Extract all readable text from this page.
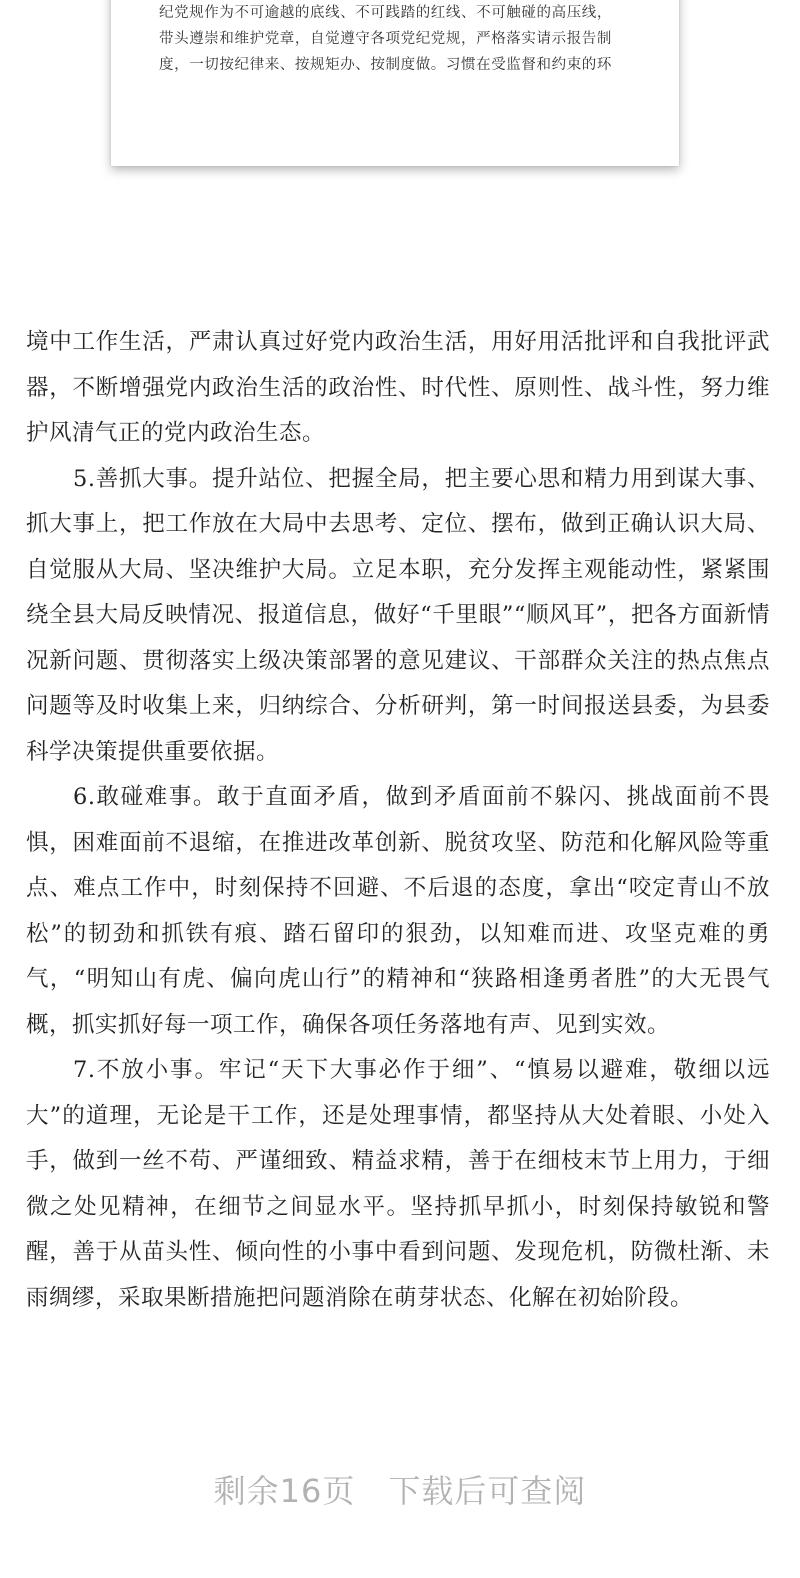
纪党规作为不可逾越的底线、不可践踏的红线、不可触碰的高压线，
带头遵崇和维护党章，自觉遵守各项党纪党规，严格落实请示报告制
度，一切按纪律来、按规矩办、按制度做。习惯在受监督和约束的环

境中工作生活，严肃认真过好党内政治生活，用好用活批评和自我批评武器，不断增强党内政治生活的政治性、时代性、原则性、战斗性，努力维护风清气正的党内政治生态。

5.善抓大事。提升站位、把握全局，把主要心思和精力用到谋大事、抓大事上，把工作放在大局中去思考、定位、摆布，做到正确认识大局、自觉服从大局、坚决维护大局。立足本职，充分发挥主观能动性，紧紧围绕全县大局反映情况、报道信息，做好“千里眼”“顺风耳”，把各方面新情况新问题、贯彻落实上级决策部署的意见建议、干部群众关注的热点焦点问题等及时收集上来，归纳综合、分析研判，第一时间报送县委，为县委科学决策提供重要依据。

6.敢碰难事。敢于直面矛盾，做到矛盾面前不躲闪、挑战面前不畏惧，困难面前不退缩，在推进改革创新、脱贫攻坚、防范和化解风险等重点、难点工作中，时刻保持不回避、不后退的态度，拿出“咬定青山不放松”的韧劲和抓铁有痕、踏石留印的狠劲，以知难而进、攻坚克难的勇气，“明知山有虎、偏向虎山行”的精神和“狭路相逢勇者胜”的大无畏气概，抓实抓好每一项工作，确保各项任务落地有声、见到实效。

7.不放小事。牢记“天下大事必作于细”、“慎易以避难，敬细以远大”的道理，无论是干工作，还是处理事情，都坚持从大处着眼、小处入手，做到一丝不苟、严谨细致、精益求精，善于在细枝末节上用力，于细微之处见精神，在细节之间显水平。坚持抓早抓小，时刻保持敏锐和警醒，善于从苗头性、倾向性的小事中看到问题、发现危机，防微杜渐、未雨绸缪，采取果断措施把问题消除在萌芽状态、化解在初始阶段。

剩余16页　下载后可查阅
